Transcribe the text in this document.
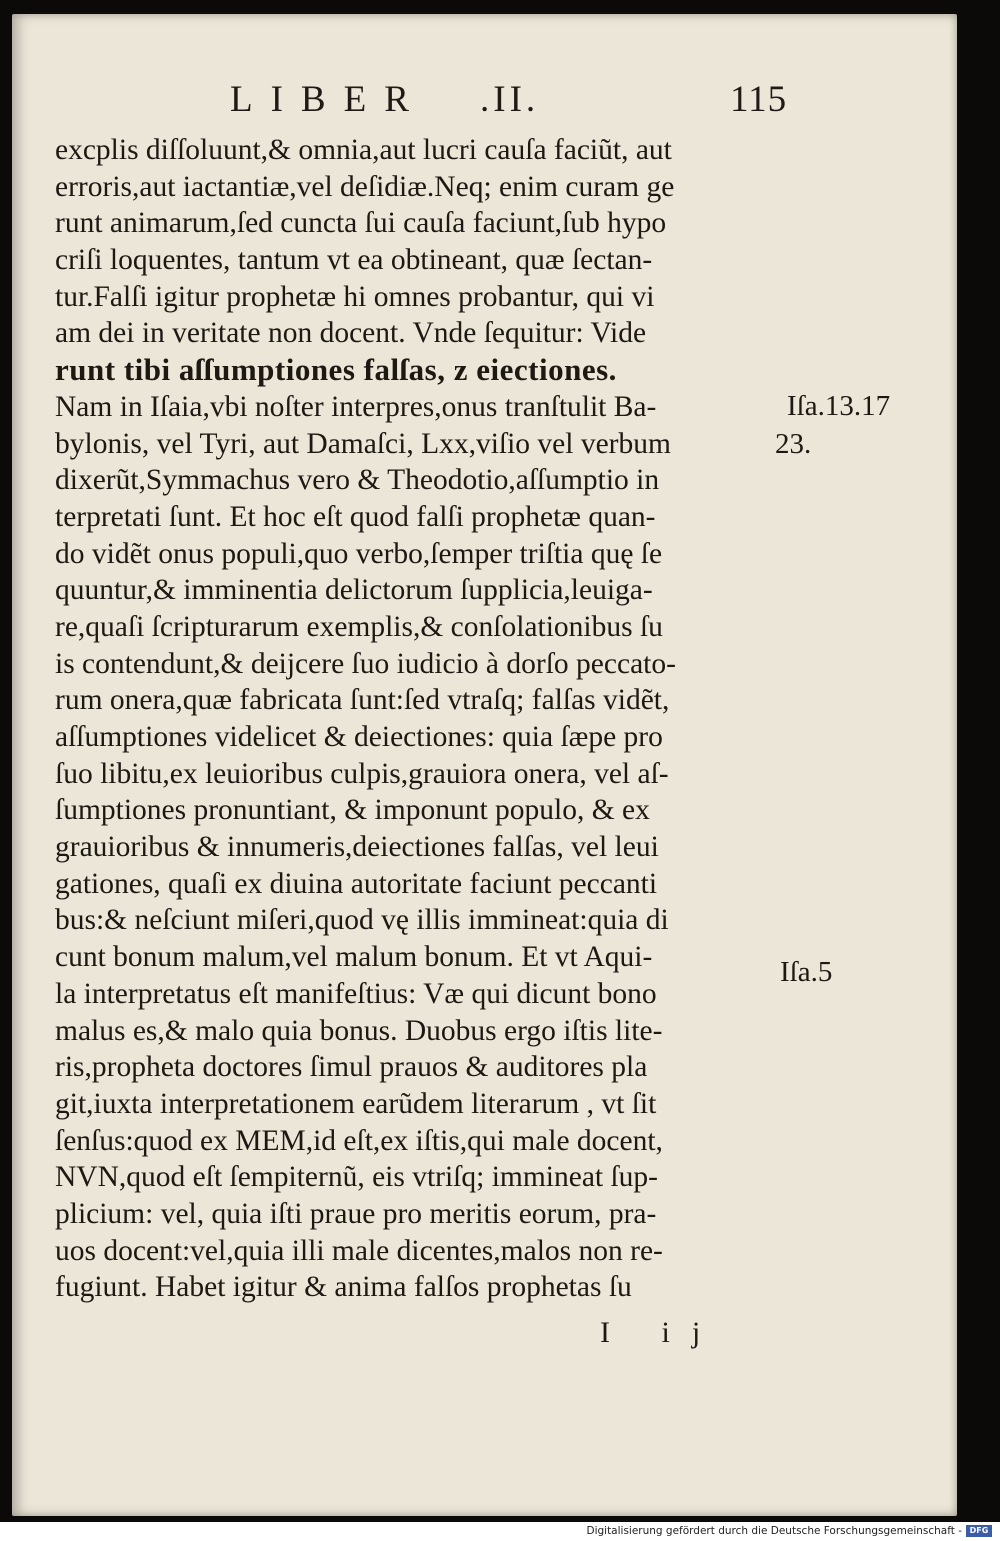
LIBER .II.	115
excplis diſſoluunt,& omnia,aut lucri cauſa faciũt, aut
erroris,aut iactantiæ,vel deſidiæ.Neq; enim curam ge
runt animarum,ſed cuncta ſui cauſa faciunt,ſub hypo
criſi loquentes, tantum vt ea obtineant, quæ ſectan-
tur.Falſi igitur prophetæ hi omnes probantur, qui vi
am dei in veritate non docent. Vnde ſequitur: Vide
runt tibi aſſumptiones falſas, z eiectiones.
Nam in Iſaia,vbi noſter interpres,onus tranſtulit Ba-
bylonis, vel Tyri, aut Damaſci, Lxx,viſio vel verbum
dixerũt,Symmachus vero & Theodotio,aſſumptio in
terpretati ſunt. Et hoc eſt quod falſi prophetæ quan-
do vidẽt onus populi,quo verbo,ſemper triſtia quę ſe
quuntur,& imminentia delictorum ſupplicia,leuiga-
re,quaſi ſcripturarum exemplis,& conſolationibus ſu
is contendunt,& deijcere ſuo iudicio à dorſo peccato-
rum onera,quæ fabricata ſunt:ſed vtraſq; falſas vidẽt,
aſſumptiones videlicet & deiectiones: quia ſæpe pro
ſuo libitu,ex leuioribus culpis,grauiora onera, vel aſ-
ſumptiones pronuntiant, & imponunt populo, & ex
grauioribus & innumeris,deiectiones falſas, vel leui
gationes, quaſi ex diuina autoritate faciunt peccanti
bus:& neſciunt miſeri,quod vę illis immineat:quia di
cunt bonum malum,vel malum bonum. Et vt Aqui-
la interpretatus eſt manifeſtius: Væ qui dicunt bono
malus es,& malo quia bonus. Duobus ergo iſtis lite-
ris,propheta doctores ſimul prauos & auditores pla
git,iuxta interpretationem earũdem literarum , vt ſit
ſenſus:quod ex MEM,id eſt,ex iſtis,qui male docent,
NVN,quod eſt ſempiternũ, eis vtriſq; immineat ſup-
plicium: vel, quia iſti praue pro meritis eorum, pra-
uos docent:vel,quia illi male dicentes,malos non re-
fugiunt. Habet igitur & anima falſos prophetas ſu
Iſa.13.17
23.
Iſa.5
I ij
Digitalisierung gefördert durch die Deutsche Forschungsgemeinschaft - DFG
